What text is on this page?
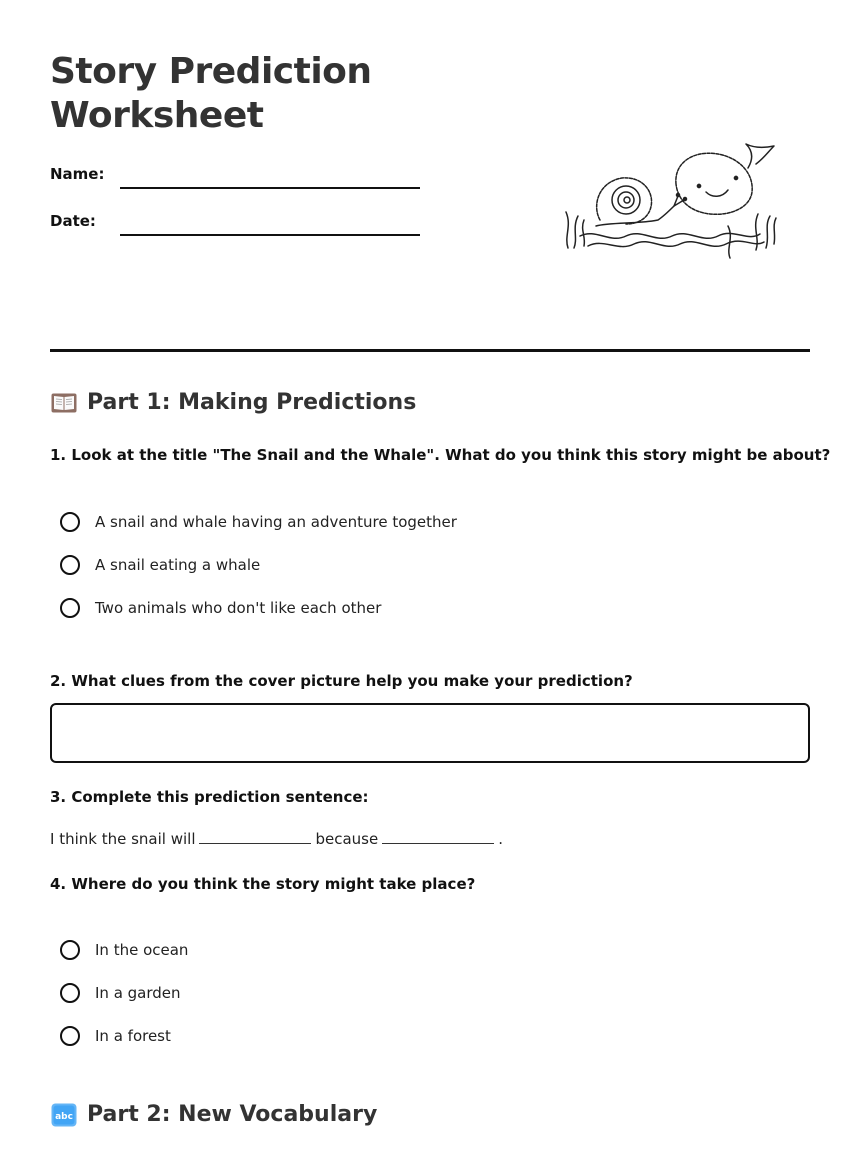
Story Prediction
Worksheet
Name:
Date:
Part 1: Making Predictions
1. Look at the title "The Snail and the Whale". What do you think this story might be about?
A snail and whale having an adventure together
A snail eating a whale
Two animals who don't like each other
2. What clues from the cover picture help you make your prediction?
3. Complete this prediction sentence:
I think the snail will	because	.
4. Where do you think the story might take place?
In the ocean
In a garden
In a forest
abc Part 2: New Vocabulary
